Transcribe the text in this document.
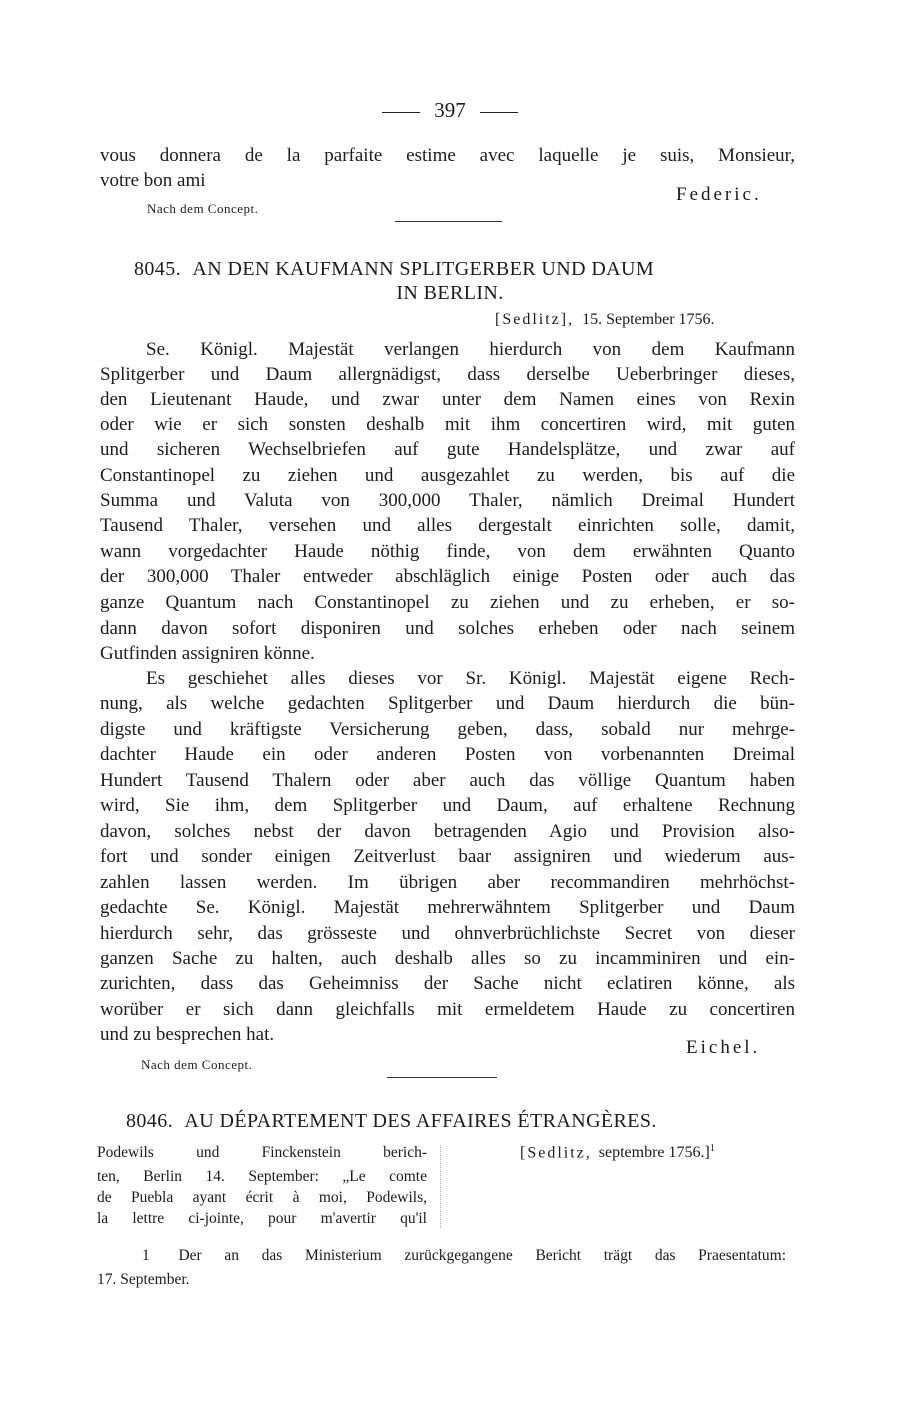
397
vous donnera de la parfaite estime avec laquelle je suis, Monsieur,
votre bon ami
Federic.
Nach dem Concept.
8045. AN DEN KAUFMANN SPLITGERBER UND DAUM
IN BERLIN.
[Sedlitz], 15. September 1756.
Se. Königl. Majestät verlangen hierdurch von dem Kaufmann
Splitgerber und Daum allergnädigst, dass derselbe Ueberbringer dieses,
den Lieutenant Haude, und zwar unter dem Namen eines von Rexin
oder wie er sich sonsten deshalb mit ihm concertiren wird, mit guten
und sicheren Wechselbriefen auf gute Handelsplätze, und zwar auf
Constantinopel zu ziehen und ausgezahlet zu werden, bis auf die
Summa und Valuta von 300,000 Thaler, nämlich Dreimal Hundert
Tausend Thaler, versehen und alles dergestalt einrichten solle, damit,
wann vorgedachter Haude nöthig finde, von dem erwähnten Quanto
der 300,000 Thaler entweder abschläglich einige Posten oder auch das
ganze Quantum nach Constantinopel zu ziehen und zu erheben, er so-
dann davon sofort disponiren und solches erheben oder nach seinem
Gutfinden assigniren könne.
Es geschiehet alles dieses vor Sr. Königl. Majestät eigene Rech-
nung, als welche gedachten Splitgerber und Daum hierdurch die bün-
digste und kräftigste Versicherung geben, dass, sobald nur mehrge-
dachter Haude ein oder anderen Posten von vorbenannten Dreimal
Hundert Tausend Thalern oder aber auch das völlige Quantum haben
wird, Sie ihm, dem Splitgerber und Daum, auf erhaltene Rechnung
davon, solches nebst der davon betragenden Agio und Provision also-
fort und sonder einigen Zeitverlust baar assigniren und wiederum aus-
zahlen lassen werden. Im übrigen aber recommandiren mehrhöchst-
gedachte Se. Königl. Majestät mehrerwähntem Splitgerber und Daum
hierdurch sehr, das grösseste und ohnverbrüchlichste Secret von dieser
ganzen Sache zu halten, auch deshalb alles so zu incamminiren und ein-
zurichten, dass das Geheimniss der Sache nicht eclatiren könne, als
worüber er sich dann gleichfalls mit ermeldetem Haude zu concertiren
und zu besprechen hat.
Eichel.
Nach dem Concept.
8046. AU DÉPARTEMENT DES AFFAIRES ÉTRANGÈRES.
Podewils und Finckenstein berich-
ten, Berlin 14. September: „Le comte
de Puebla ayant écrit à moi, Podewils,
la lettre ci-jointe, pour m'avertir qu'il
[Sedlitz, septembre 1756.]$^1$
1 Der an das Ministerium zurückgegangene Bericht trägt das Praesentatum:
17. September.
